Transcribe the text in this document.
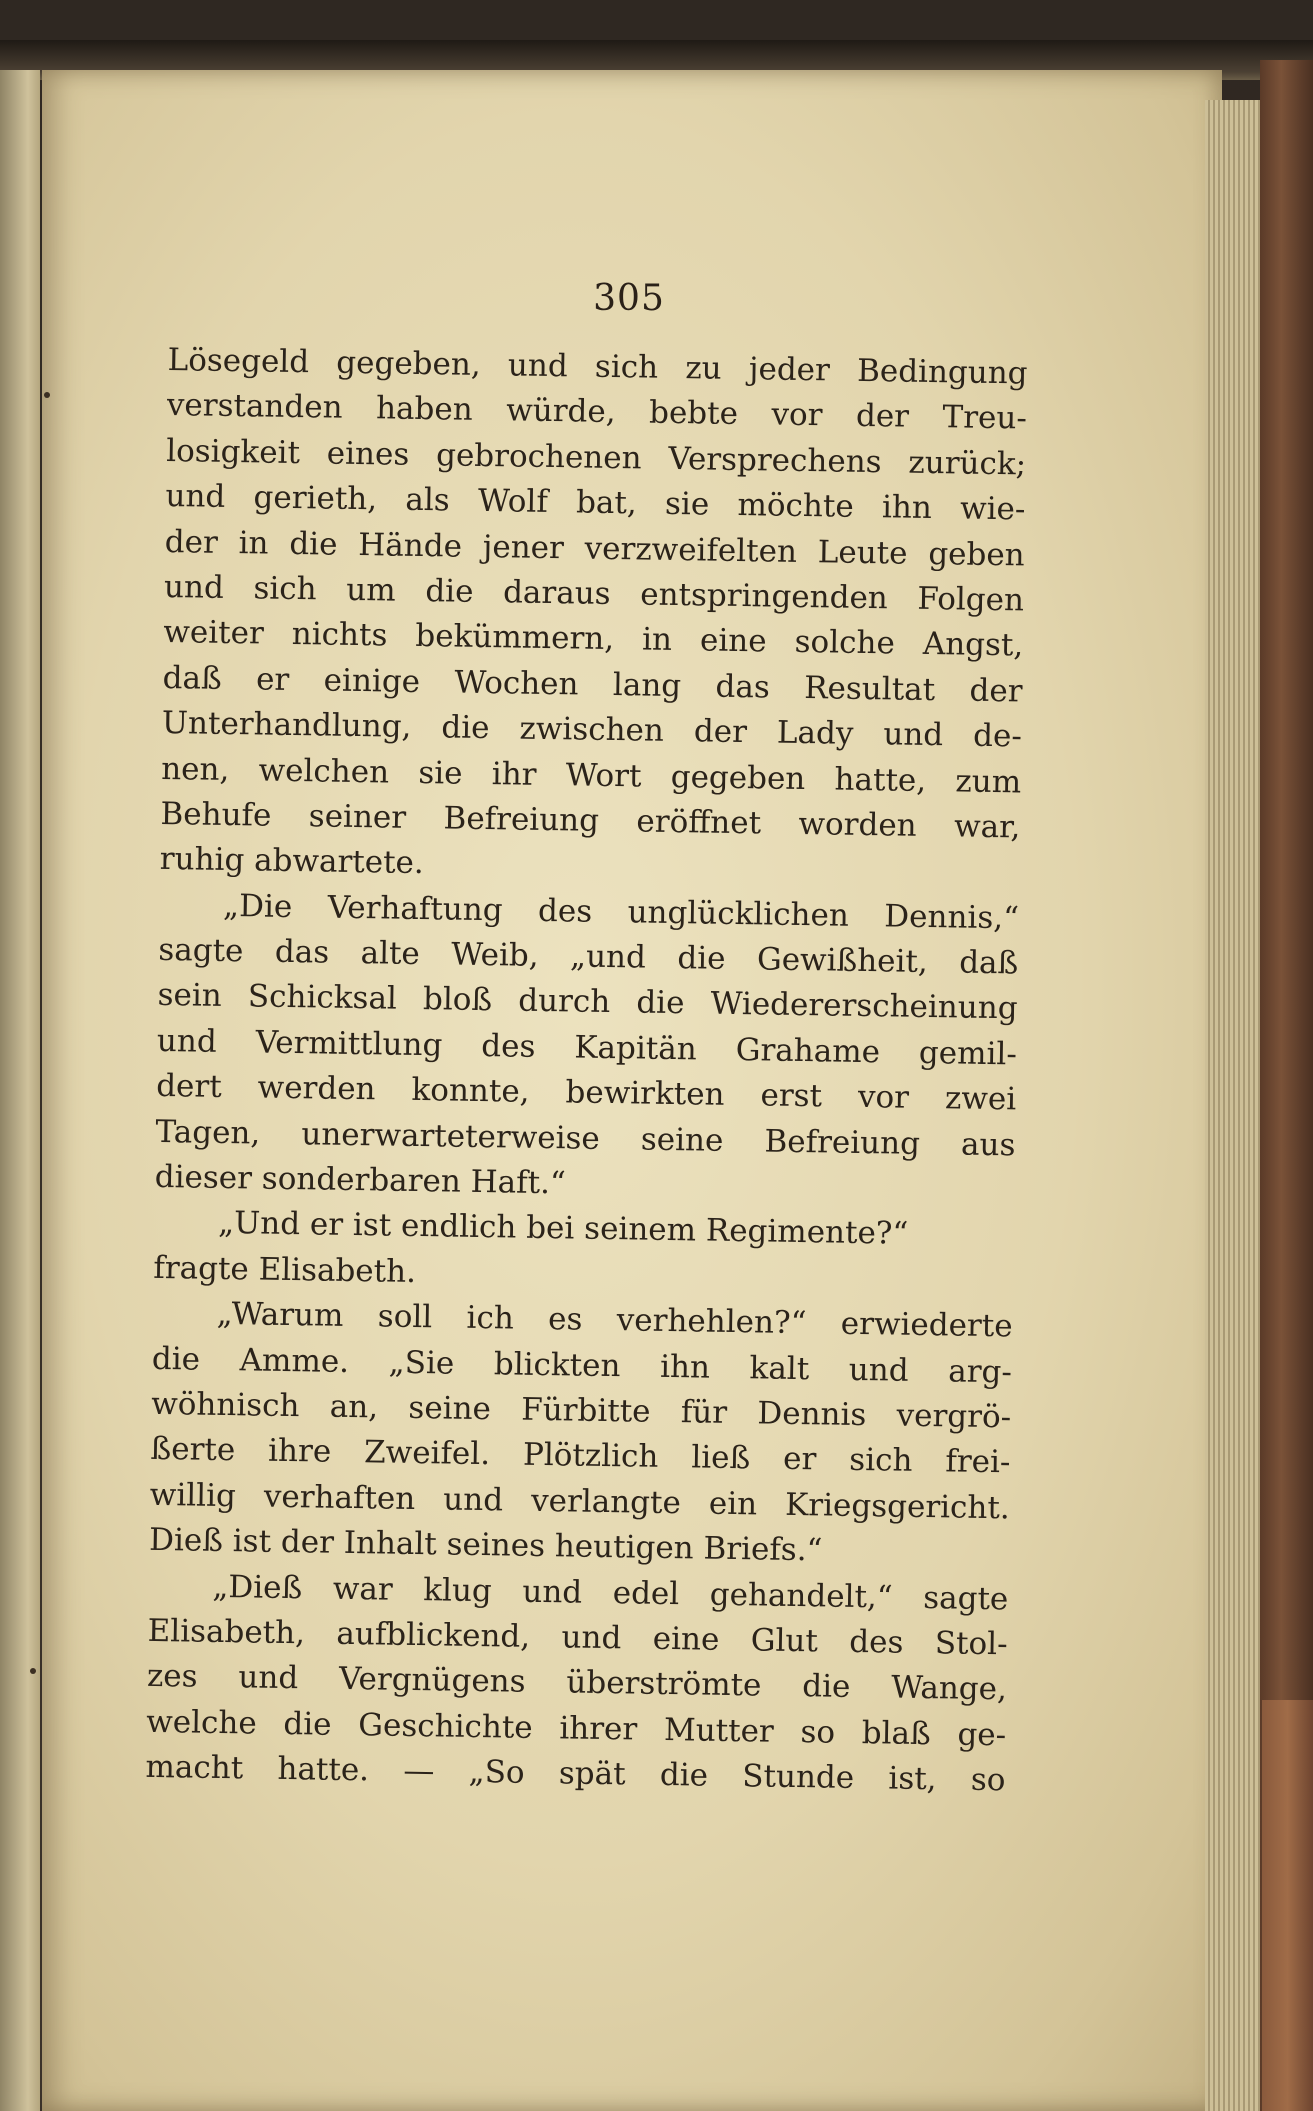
305
Lösegeld gegeben, und sich zu jeder Bedingung
verstanden haben würde, bebte vor der Treu-
losigkeit eines gebrochenen Versprechens zurück;
und gerieth, als Wolf bat, sie möchte ihn wie-
der in die Hände jener verzweifelten Leute geben
und sich um die daraus entspringenden Folgen
weiter nichts bekümmern, in eine solche Angst,
daß er einige Wochen lang das Resultat der
Unterhandlung, die zwischen der Lady und de-
nen, welchen sie ihr Wort gegeben hatte, zum
Behufe seiner Befreiung eröffnet worden war,
ruhig abwartete.
„Die Verhaftung des unglücklichen Dennis,“
sagte das alte Weib, „und die Gewißheit, daß
sein Schicksal bloß durch die Wiedererscheinung
und Vermittlung des Kapitän Grahame gemil-
dert werden konnte, bewirkten erst vor zwei
Tagen, unerwarteterweise seine Befreiung aus
dieser sonderbaren Haft.“
„Und er ist endlich bei seinem Regimente?“
fragte Elisabeth.
„Warum soll ich es verhehlen?“ erwiederte
die Amme. „Sie blickten ihn kalt und arg-
wöhnisch an, seine Fürbitte für Dennis vergrö-
ßerte ihre Zweifel. Plötzlich ließ er sich frei-
willig verhaften und verlangte ein Kriegsgericht.
Dieß ist der Inhalt seines heutigen Briefs.“
„Dieß war klug und edel gehandelt,“ sagte
Elisabeth, aufblickend, und eine Glut des Stol-
zes und Vergnügens überströmte die Wange,
welche die Geschichte ihrer Mutter so blaß ge-
macht hatte. — „So spät die Stunde ist, so
